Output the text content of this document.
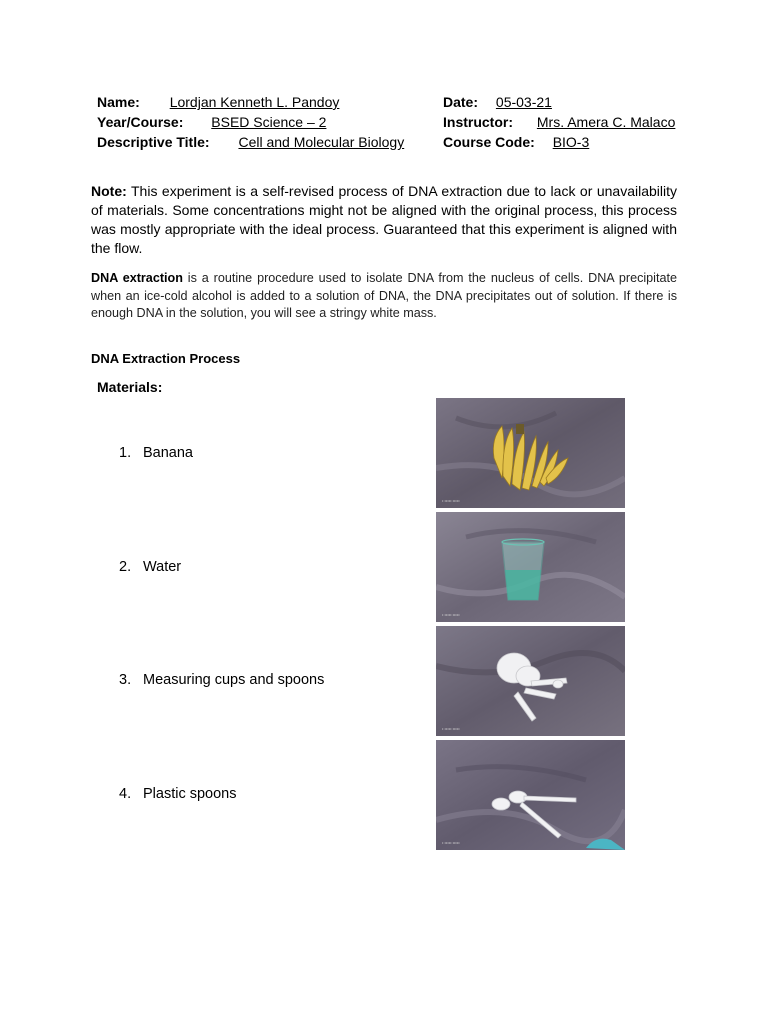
Name: Lordjan Kenneth L. Pandoy	Date: 05-03-21
Year/Course: BSED Science – 2	Instructor: Mrs. Amera C. Malaco
Descriptive Title: Cell and Molecular Biology	Course Code: BIO-3
Note: This experiment is a self-revised process of DNA extraction due to lack or unavailability of materials. Some concentrations might not be aligned with the original process, this process was mostly appropriate with the ideal process. Guaranteed that this experiment is aligned with the flow.
DNA extraction is a routine procedure used to isolate DNA from the nucleus of cells. DNA precipitate when an ice-cold alcohol is added to a solution of DNA, the DNA precipitates out of solution. If there is enough DNA in the solution, you will see a stringy white mass.
DNA Extraction Process
Materials:
1. Banana
2. Water
3. Measuring cups and spoons
4. Plastic spoons
• ••••• •••••
• ••••• •••••
• ••••• •••••
• ••••• •••••
